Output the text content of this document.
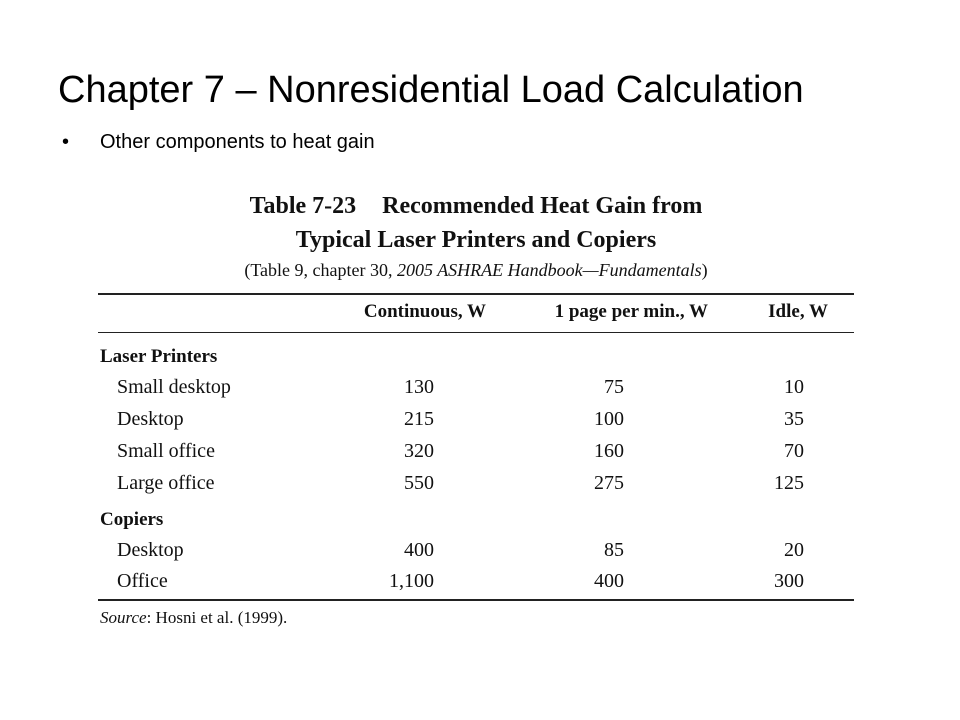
Chapter 7 – Nonresidential Load Calculation
• Other components to heat gain
Table 7-23 Recommended Heat Gain from
Typical Laser Printers and Copiers
(Table 9, chapter 30, 2005 ASHRAE Handbook—Fundamentals)
Continuous, W	1 page per min., W	Idle, W
Laser Printers
Small desktop	130	75	10
Desktop	215	100	35
Small office	320	160	70
Large office	550	275	125
Copiers
Desktop	400	85	20
Office	1,100	400	300
Source: Hosni et al. (1999).
